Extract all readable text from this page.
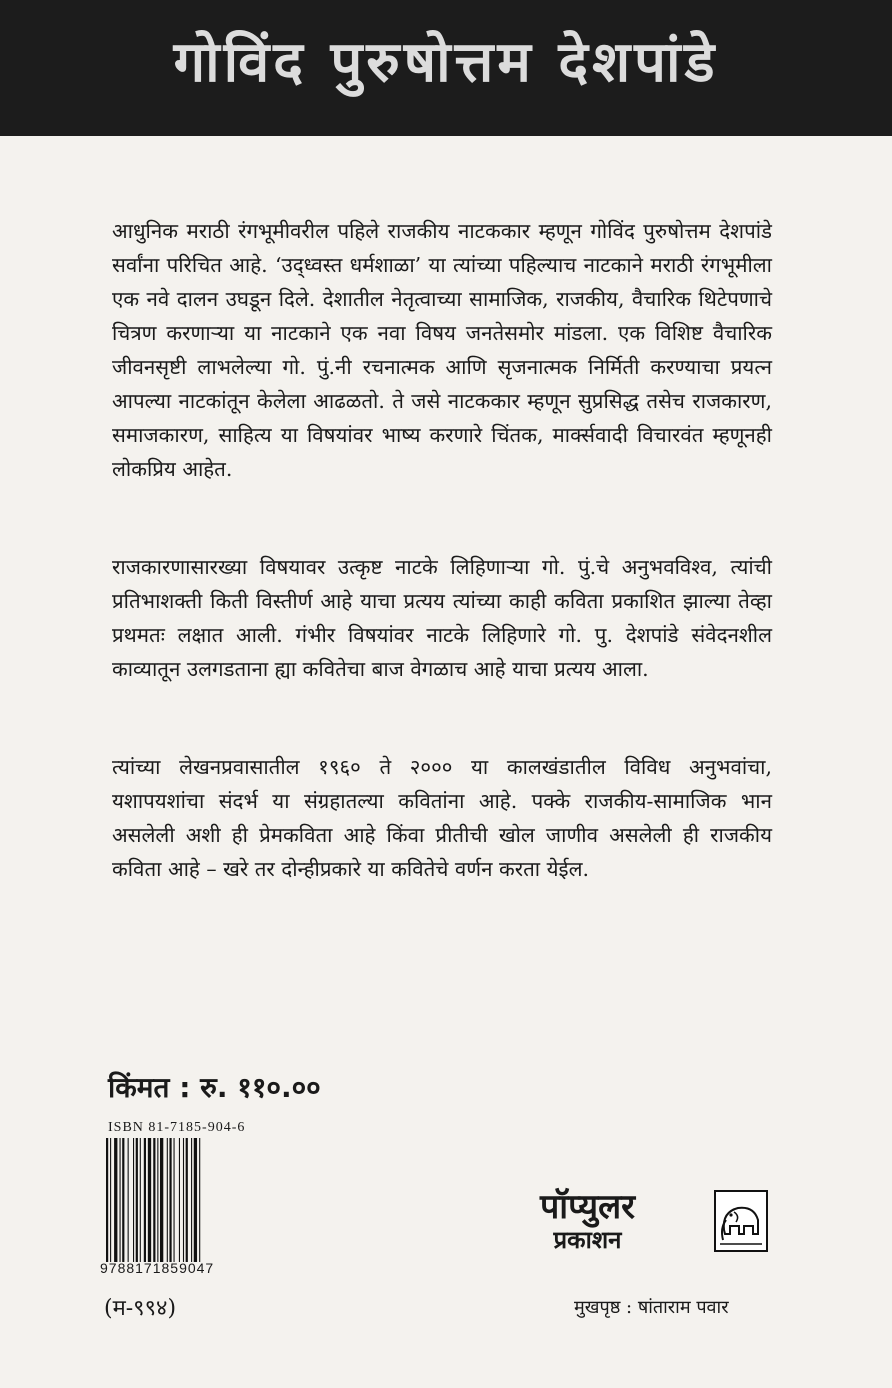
गोविंद पुरुषोत्तम देशपांडे

आधुनिक मराठी रंगभूमीवरील पहिले राजकीय नाटककार म्हणून गोविंद पुरुषोत्तम देशपांडे सर्वांना परिचित आहे. ‘उद्ध्वस्त धर्मशाळा’ या त्यांच्या पहिल्याच नाटकाने मराठी रंगभूमीला एक नवे दालन उघडून दिले. देशातील नेतृत्वाच्या सामाजिक, राजकीय, वैचारिक थिटेपणाचे चित्रण करणाऱ्या या नाटकाने एक नवा विषय जनतेसमोर मांडला. एक विशिष्ट वैचारिक जीवनसृष्टी लाभलेल्या गो. पुं.नी रचनात्मक आणि सृजनात्मक निर्मिती करण्याचा प्रयत्न आपल्या नाटकांतून केलेला आढळतो. ते जसे नाटककार म्हणून सुप्रसिद्ध तसेच राजकारण, समाजकारण, साहित्य या विषयांवर भाष्य करणारे चिंतक, मार्क्सवादी विचारवंत म्हणूनही लोकप्रिय आहेत.

राजकारणासारख्या विषयावर उत्कृष्ट नाटके लिहिणाऱ्या गो. पुं.चे अनुभवविश्व, त्यांची प्रतिभाशक्ती किती विस्तीर्ण आहे याचा प्रत्यय त्यांच्या काही कविता प्रकाशित झाल्या तेव्हा प्रथमतः लक्षात आली. गंभीर विषयांवर नाटके लिहिणारे गो. पु. देशपांडे संवेदनशील काव्यातून उलगडताना ह्या कवितेचा बाज वेगळाच आहे याचा प्रत्यय आला.

त्यांच्या लेखनप्रवासातील १९६० ते २००० या कालखंडातील विविध अनुभवांचा, यशापयशांचा संदर्भ या संग्रहातल्या कवितांना आहे. पक्के राजकीय-सामाजिक भान असलेली अशी ही प्रेमकविता आहे किंवा प्रीतीची खोल जाणीव असलेली ही राजकीय कविता आहे – खरे तर दोन्हीप्रकारे या कवितेचे वर्णन करता येईल.

किंमत : रु. ११०.००
ISBN 81-7185-904-6
9788171859047
(म-९९४)
पॉप्युलर
प्रकाशन
मुखपृष्ठ : षांताराम पवार
